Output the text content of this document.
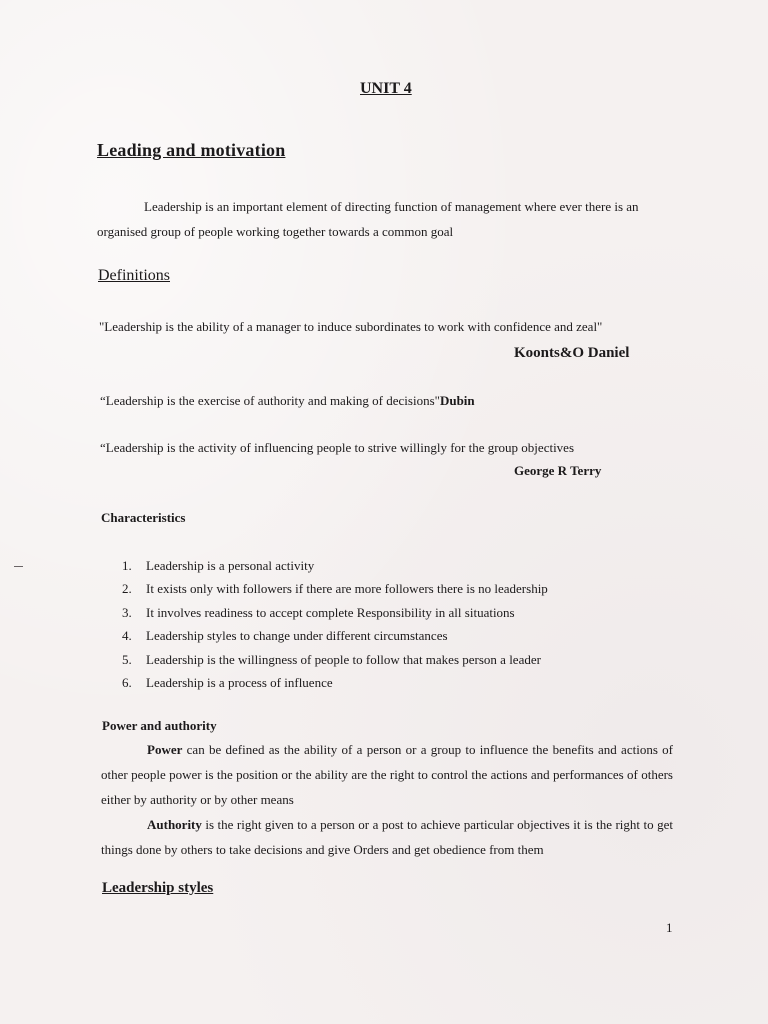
UNIT 4
Leading and motivation

Leadership is an important element of directing function of management where ever there is an organised group of people working together towards a common goal

Definitions
"Leadership is the ability of a manager to induce subordinates to work with confidence and zeal"
Koonts&O Daniel
“Leadership is the exercise of authority and making of decisions"Dubin
“Leadership is the activity of influencing people to strive willingly for the group objectives
George R Terry
Characteristics
1. Leadership is a personal activity
2. It exists only with followers if there are more followers there is no leadership
3. It involves readiness to accept complete Responsibility in all situations
4. Leadership styles to change under different circumstances
5. Leadership is the willingness of people to follow that makes person a leader
6. Leadership is a process of influence
Power and authority

Power can be defined as the ability of a person or a group to influence the benefits and actions of other people power is the position or the ability are the right to control the actions and performances of others either by authority or by other means

Authority is the right given to a person or a post to achieve particular objectives it is the right to get things done by others to take decisions and give Orders and get obedience from them

Leadership styles
1
